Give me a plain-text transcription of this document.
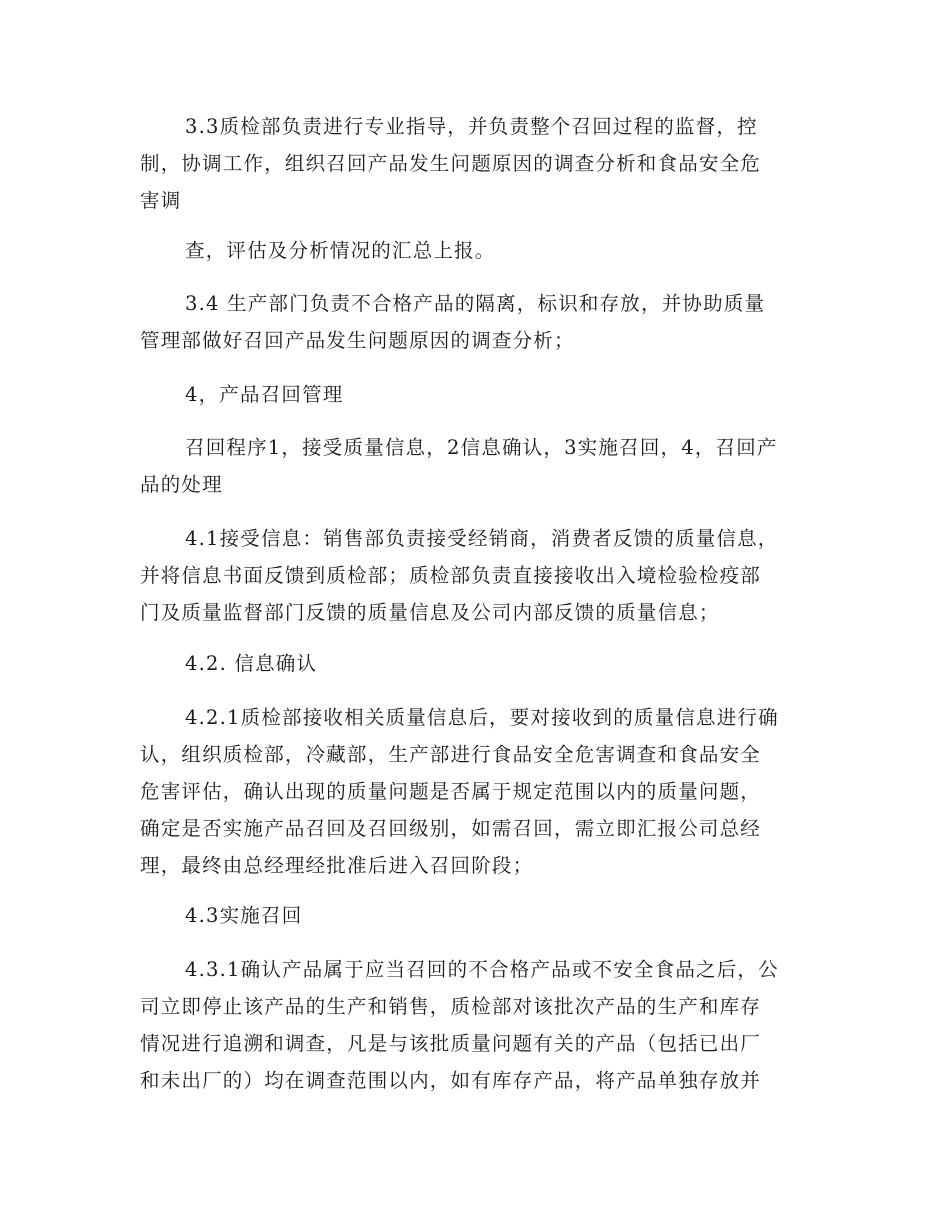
3.3质检部负责进行专业指导，并负责整个召回过程的监督，控
制，协调工作，组织召回产品发生问题原因的调查分析和食品安全危
害调
查，评估及分析情况的汇总上报。
3.4 生产部门负责不合格产品的隔离，标识和存放，并协助质量
管理部做好召回产品发生问题原因的调查分析；
4，产品召回管理
召回程序1，接受质量信息，2信息确认，3实施召回，4，召回产
品的处理
4.1接受信息：销售部负责接受经销商，消费者反馈的质量信息，
并将信息书面反馈到质检部；质检部负责直接接收出入境检验检疫部
门及质量监督部门反馈的质量信息及公司内部反馈的质量信息；
4.2. 信息确认
4.2.1质检部接收相关质量信息后，要对接收到的质量信息进行确
认，组织质检部，冷藏部，生产部进行食品安全危害调查和食品安全
危害评估，确认出现的质量问题是否属于规定范围以内的质量问题，
确定是否实施产品召回及召回级别，如需召回，需立即汇报公司总经
理，最终由总经理经批准后进入召回阶段；
4.3实施召回
4.3.1确认产品属于应当召回的不合格产品或不安全食品之后，公
司立即停止该产品的生产和销售，质检部对该批次产品的生产和库存
情况进行追溯和调查，凡是与该批质量问题有关的产品（包括已出厂
和未出厂的）均在调查范围以内，如有库存产品，将产品单独存放并
